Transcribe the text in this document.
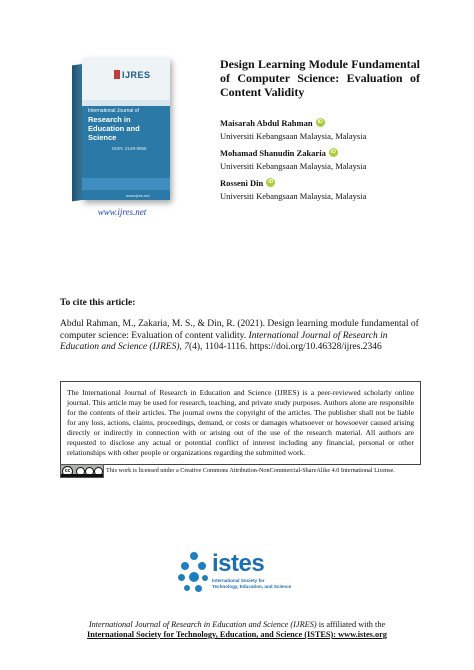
IJRES
International Journal of
Research in Education and Science
ISSN: 2148-9955
www.ijres.net
www.ijres.net
Design Learning Module Fundamental of Computer Science: Evaluation of Content Validity
Maisarah Abdul Rahman iD
Universiti Kebangsaan Malaysia, Malaysia
Mohamad Shanudin Zakaria iD
Universiti Kebangsaan Malaysia, Malaysia
Rosseni Din iD
Universiti Kebangsaan Malaysia, Malaysia
To cite this article:
Abdul Rahman, M., Zakaria, M. S., & Din, R. (2021). Design learning module fundamental of computer science: Evaluation of content validity. International Journal of Research in Education and Science (IJRES), 7(4), 1104-1116. https://doi.org/10.46328/ijres.2346
The International Journal of Research in Education and Science (IJRES) is a peer-reviewed scholarly online journal. This article may be used for research, teaching, and private study purposes. Authors alone are responsible for the contents of their articles. The journal owns the copyright of the articles. The publisher shall not be liable for any loss, actions, claims, proceedings, demand, or costs or damages whatsoever or howsoever caused arising directly or indirectly in connection with or arising out of the use of the research material. All authors are requested to disclose any actual or potential conflict of interest including any financial, personal or other relationships with other people or organizations regarding the submitted work.
cc	This work is licensed under a Creative Commons Attribution-NonCommercial-ShareAlike 4.0 International License.
istes
International Society for Technology, Education, and Science
International Journal of Research in Education and Science (IJRES) is affiliated with the
International Society for Technology, Education, and Science (ISTES): www.istes.org
